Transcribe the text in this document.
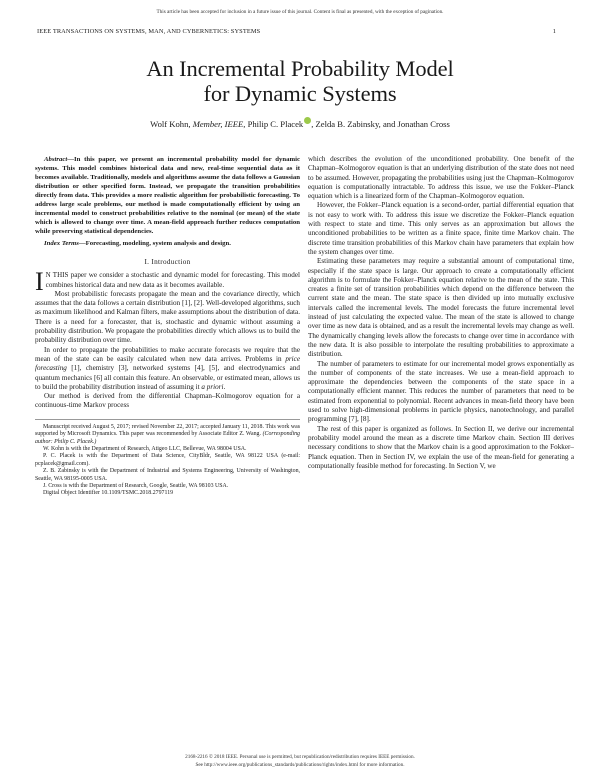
This article has been accepted for inclusion in a future issue of this journal. Content is final as presented, with the exception of pagination.
IEEE TRANSACTIONS ON SYSTEMS, MAN, AND CYBERNETICS: SYSTEMS	1
An Incremental Probability Model
for Dynamic Systems
Wolf Kohn, Member, IEEE, Philip C. Placek , Zelda B. Zabinsky, and Jonathan Cross

Abstract—In this paper, we present an incremental probability model for dynamic systems. This model combines historical data and new, real-time sequential data as it becomes available. Traditionally, models and algorithms assume the data follows a Gaussian distribution or other specified form. Instead, we propagate the transition probabilities directly from data. This provides a more realistic algorithm for probabilistic forecasting. To address large scale problems, our method is made computationally efficient by using an incremental model to construct probabilities relative to the nominal (or mean) of the state which is allowed to change over time. A mean-field approach further reduces computation while preserving statistical dependencies.

Index Terms—Forecasting, modeling, system analysis and design.

I. Introduction

I N THIS paper we consider a stochastic and dynamic model for forecasting. This model combines historical data and new data as it becomes available.

Most probabilistic forecasts propagate the mean and the covariance directly, which assumes that the data follows a certain distribution [1], [2]. Well-developed algorithms, such as maximum likelihood and Kalman filters, make assumptions about the distribution of data. There is a need for a forecaster, that is, stochastic and dynamic without assuming a probability distribution. We propagate the probabilities directly which allows us to build the probability distribution over time.

In order to propagate the probabilities to make accurate forecasts we require that the mean of the state can be easily calculated when new data arrives. Problems in price forecasting [1], chemistry [3], networked systems [4], [5], and electrodynamics and quantum mechanics [6] all contain this feature. An observable, or estimated mean, allows us to build the probability distribution instead of assuming it a priori.

Our method is derived from the differential Chapman–Kolmogorov equation for a continuous-time Markov process

Manuscript received August 5, 2017; revised November 22, 2017; accepted January 11, 2018. This work was supported by Microsoft Dynamics. This paper was recommended by Associate Editor Z. Wang. (Corresponding author: Philip C. Placek.)

W. Kohn is with the Department of Research, Atigeo LLC, Bellevue, WA 98004 USA.

P. C. Placek is with the Department of Data Science, CityBldr, Seattle, WA 98122 USA (e-mail: pcplacek@gmail.com).

Z. B. Zabinsky is with the Department of Industrial and Systems Engineering, University of Washington, Seattle, WA 98195-0005 USA.

J. Cross is with the Department of Research, Google, Seattle, WA 98103 USA.

Digital Object Identifier 10.1109/TSMC.2018.2797119

which describes the evolution of the unconditioned probability. One benefit of the Chapman–Kolmogorov equation is that an underlying distribution of the state does not need to be assumed. However, propagating the probabilities using just the Chapman–Kolmogorov equation is computationally intractable. To address this issue, we use the Fokker–Planck equation which is a linearized form of the Chapman–Kolmogorov equation.

However, the Fokker–Planck equation is a second-order, partial differential equation that is not easy to work with. To address this issue we discretize the Fokker–Planck equation with respect to state and time. This only serves as an approximation but allows the unconditioned probabilities to be written as a finite space, finite time Markov chain. The discrete time transition probabilities of this Markov chain have parameters that explain how the system changes over time.

Estimating these parameters may require a substantial amount of computational time, especially if the state space is large. Our approach to create a computationally efficient algorithm is to formulate the Fokker–Planck equation relative to the mean of the state. This creates a finite set of transition probabilities which depend on the difference between the current state and the mean. The state space is then divided up into mutually exclusive intervals called the incremental levels. The model forecasts the future incremental level instead of just calculating the expected value. The mean of the state is allowed to change over time as new data is obtained, and as a result the incremental levels may change as well. The dynamically changing levels allow the forecasts to change over time in accordance with the new data. It is also possible to interpolate the resulting probabilities to approximate a distribution.

The number of parameters to estimate for our incremental model grows exponentially as the number of components of the state increases. We use a mean-field approach to approximate the dependencies between the components of the state space in a computationally efficient manner. This reduces the number of parameters that need to be estimated from exponential to polynomial. Recent advances in mean-field theory have been used to solve high-dimensional problems in particle physics, nanotechnology, and parallel programming [7], [8].

The rest of this paper is organized as follows. In Section II, we derive our incremental probability model around the mean as a discrete time Markov chain. Section III derives necessary conditions to show that the Markov chain is a good approximation to the Fokker–Planck equation. Then in Section IV, we explain the use of the mean-field for generating a computationally feasible method for forecasting. In Section V, we

2168-2216 © 2018 IEEE. Personal use is permitted, but republication/redistribution requires IEEE permission.
See http://www.ieee.org/publications_standards/publications/rights/index.html for more information.
